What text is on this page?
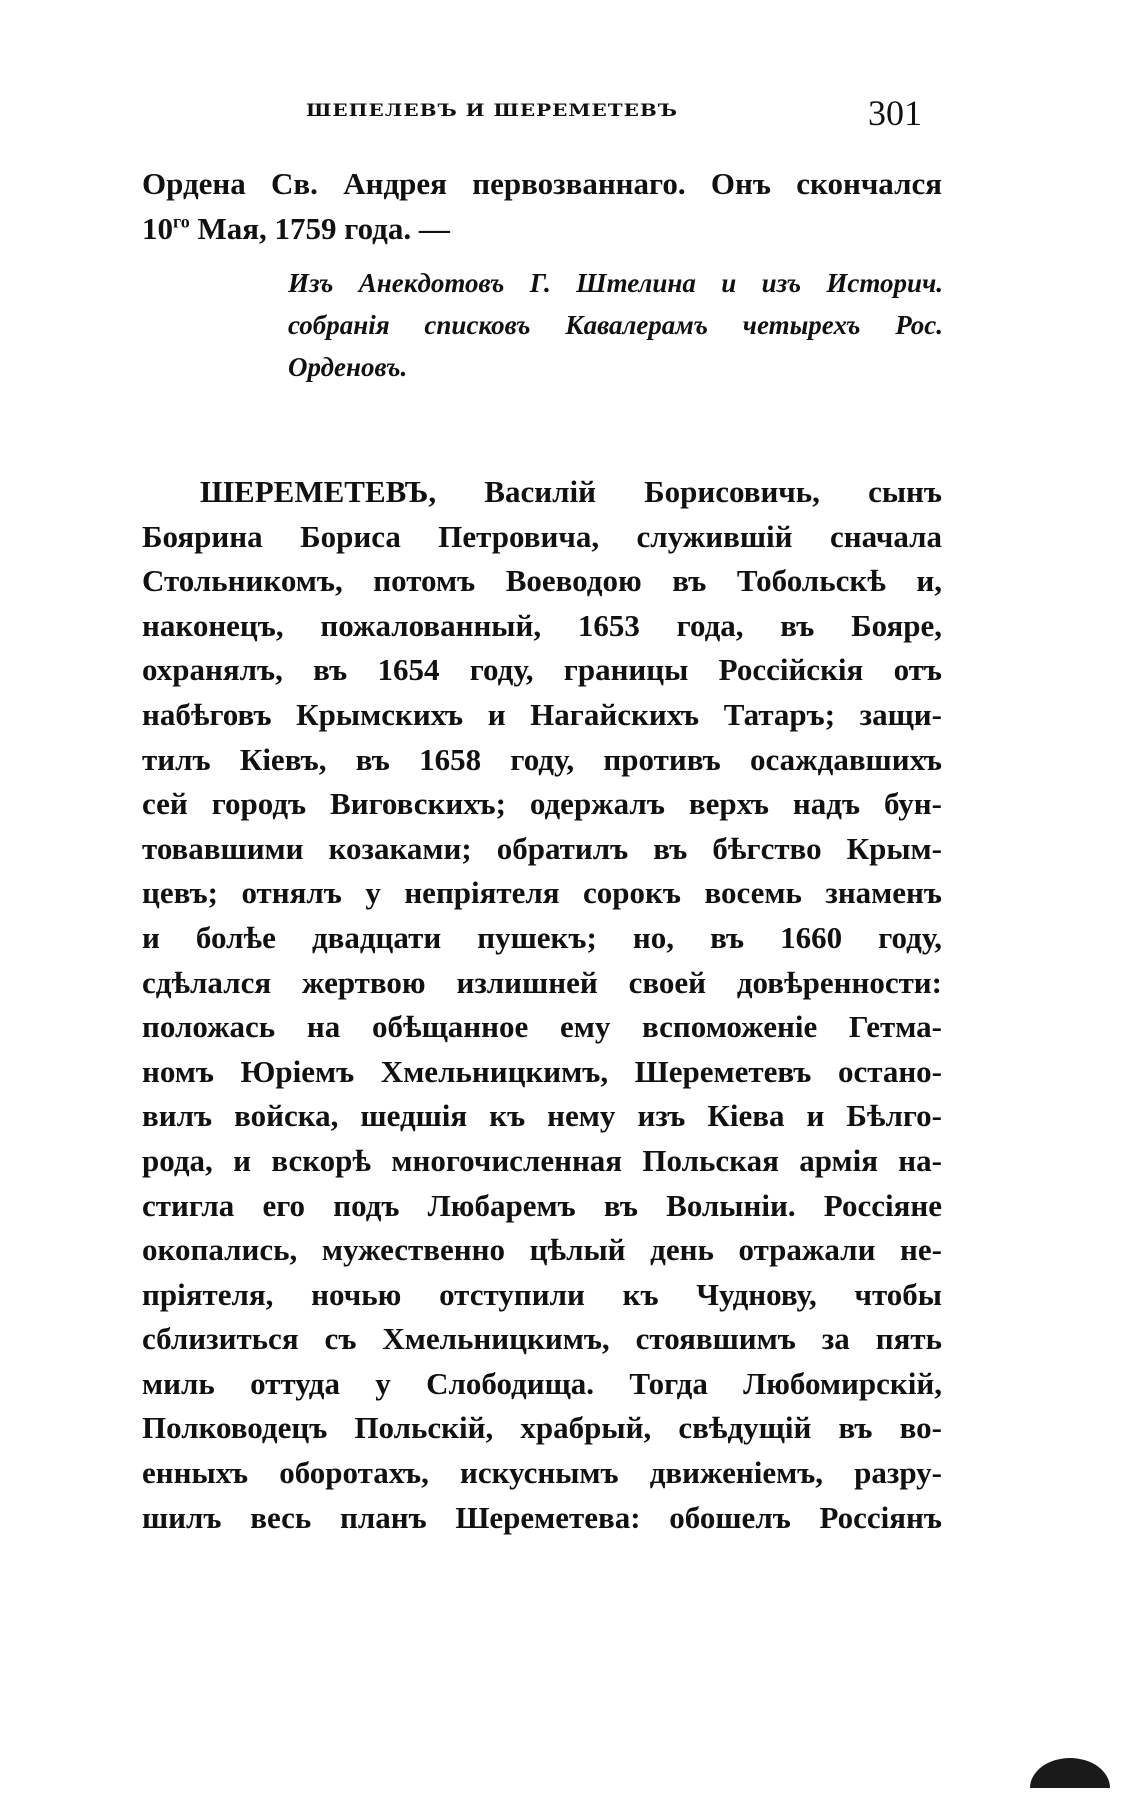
ШЕПЕЛЕВЪ И ШЕРЕМЕТЕВЪ	301
Ордена Св. Андрея первозваннаго. Онъ скончался
$10^{го}$ Мая, 1759 года. —
Изъ Анекдотовъ Г. Штелина и изъ Историч.
собранія списковъ Кавалерамъ четырехъ Рос.
Орденовъ.
ШЕРЕМЕТЕВЪ, Василій Борисовичь, сынъ
Боярина Бориса Петровича, служившій сначала
Стольникомъ, потомъ Воеводою въ Тобольскѣ и,
наконецъ, пожалованный, 1653 года, въ Бояре,
охранялъ, въ 1654 году, границы Россійскія отъ
набѣговъ Крымскихъ и Нагайскихъ Татаръ; защи-
тилъ Кіевъ, въ 1658 году, противъ осаждавшихъ
сей городъ Виговскихъ; одержалъ верхъ надъ бун-
товавшими козаками; обратилъ въ бѣгство Крым-
цевъ; отнялъ у непріятеля сорокъ восемь знаменъ
и болѣе двадцати пушекъ; но, въ 1660 году,
сдѣлался жертвою излишней своей довѣренности:
положась на обѣщанное ему вспоможеніе Гетма-
номъ Юріемъ Хмельницкимъ, Шереметевъ остано-
вилъ войска, шедшія къ нему изъ Кіева и Бѣлго-
рода, и вскорѣ многочисленная Польская армія на-
стигла его подъ Любаремъ въ Волыніи. Россіяне
окопались, мужественно цѣлый день отражали не-
пріятеля, ночью отступили къ Чуднову, чтобы
сблизиться съ Хмельницкимъ, стоявшимъ за пять
миль оттуда у Слободища. Тогда Любомирскій,
Полководецъ Польскій, храбрый, свѣдущій въ во-
енныхъ оборотахъ, искуснымъ движеніемъ, разру-
шилъ весь планъ Шереметева: обошелъ Россіянъ
